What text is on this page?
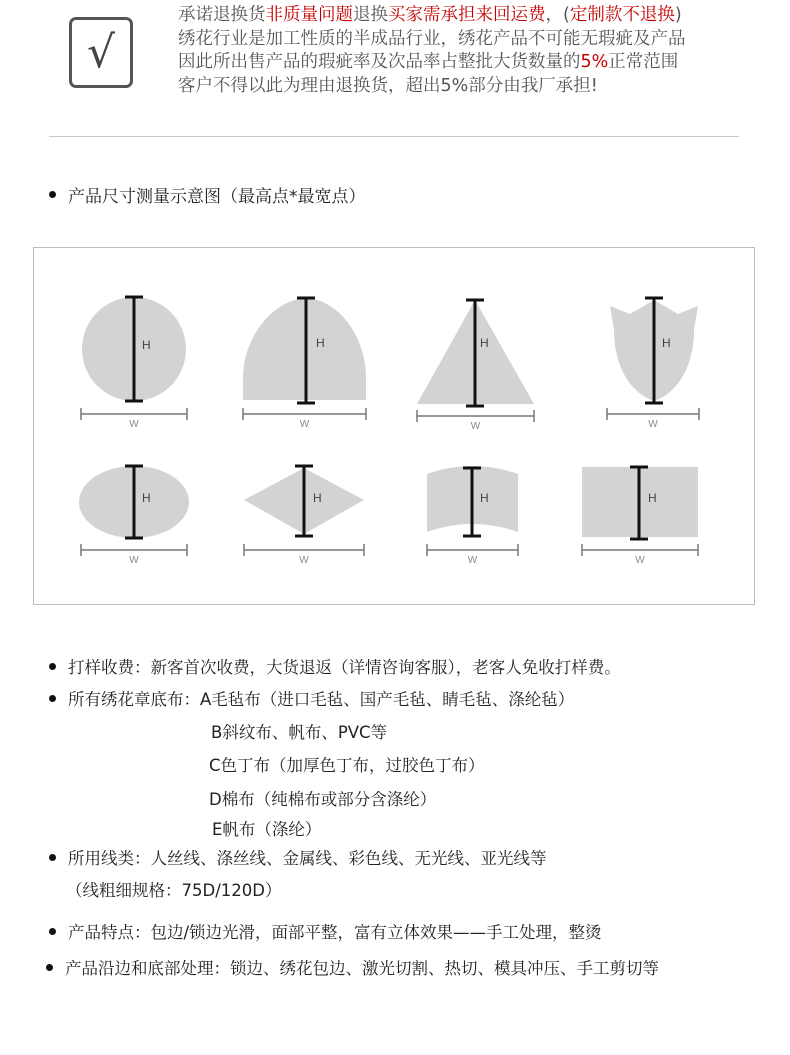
√
承诺退换货非质量问题退换买家需承担来回运费，(定制款不退换)
绣花行业是加工性质的半成品行业，绣花产品不可能无瑕疵及产品
因此所出售产品的瑕疵率及次品率占整批大货数量的5%正常范围
客户不得以此为理由退换货，超出5%部分由我厂承担!
产品尺寸测量示意图（最高点*最宽点）
H
W
H
W
H
W
H
W
H
W
H
W
H
W
H
W
打样收费：新客首次收费，大货退返（详情咨询客服），老客人免收打样费。
所有绣花章底布：A毛毡布（进口毛毡、国产毛毡、睛毛毡、涤纶毡）
B斜纹布、帆布、PVC等
C色丁布（加厚色丁布，过胶色丁布）
D棉布（纯棉布或部分含涤纶）
E帆布（涤纶）
所用线类：人丝线、涤丝线、金属线、彩色线、无光线、亚光线等
（线粗细规格：75D/120D）
产品特点：包边/锁边光滑，面部平整，富有立体效果——手工处理，整烫
产品沿边和底部处理：锁边、绣花包边、激光切割、热切、模具冲压、手工剪切等
